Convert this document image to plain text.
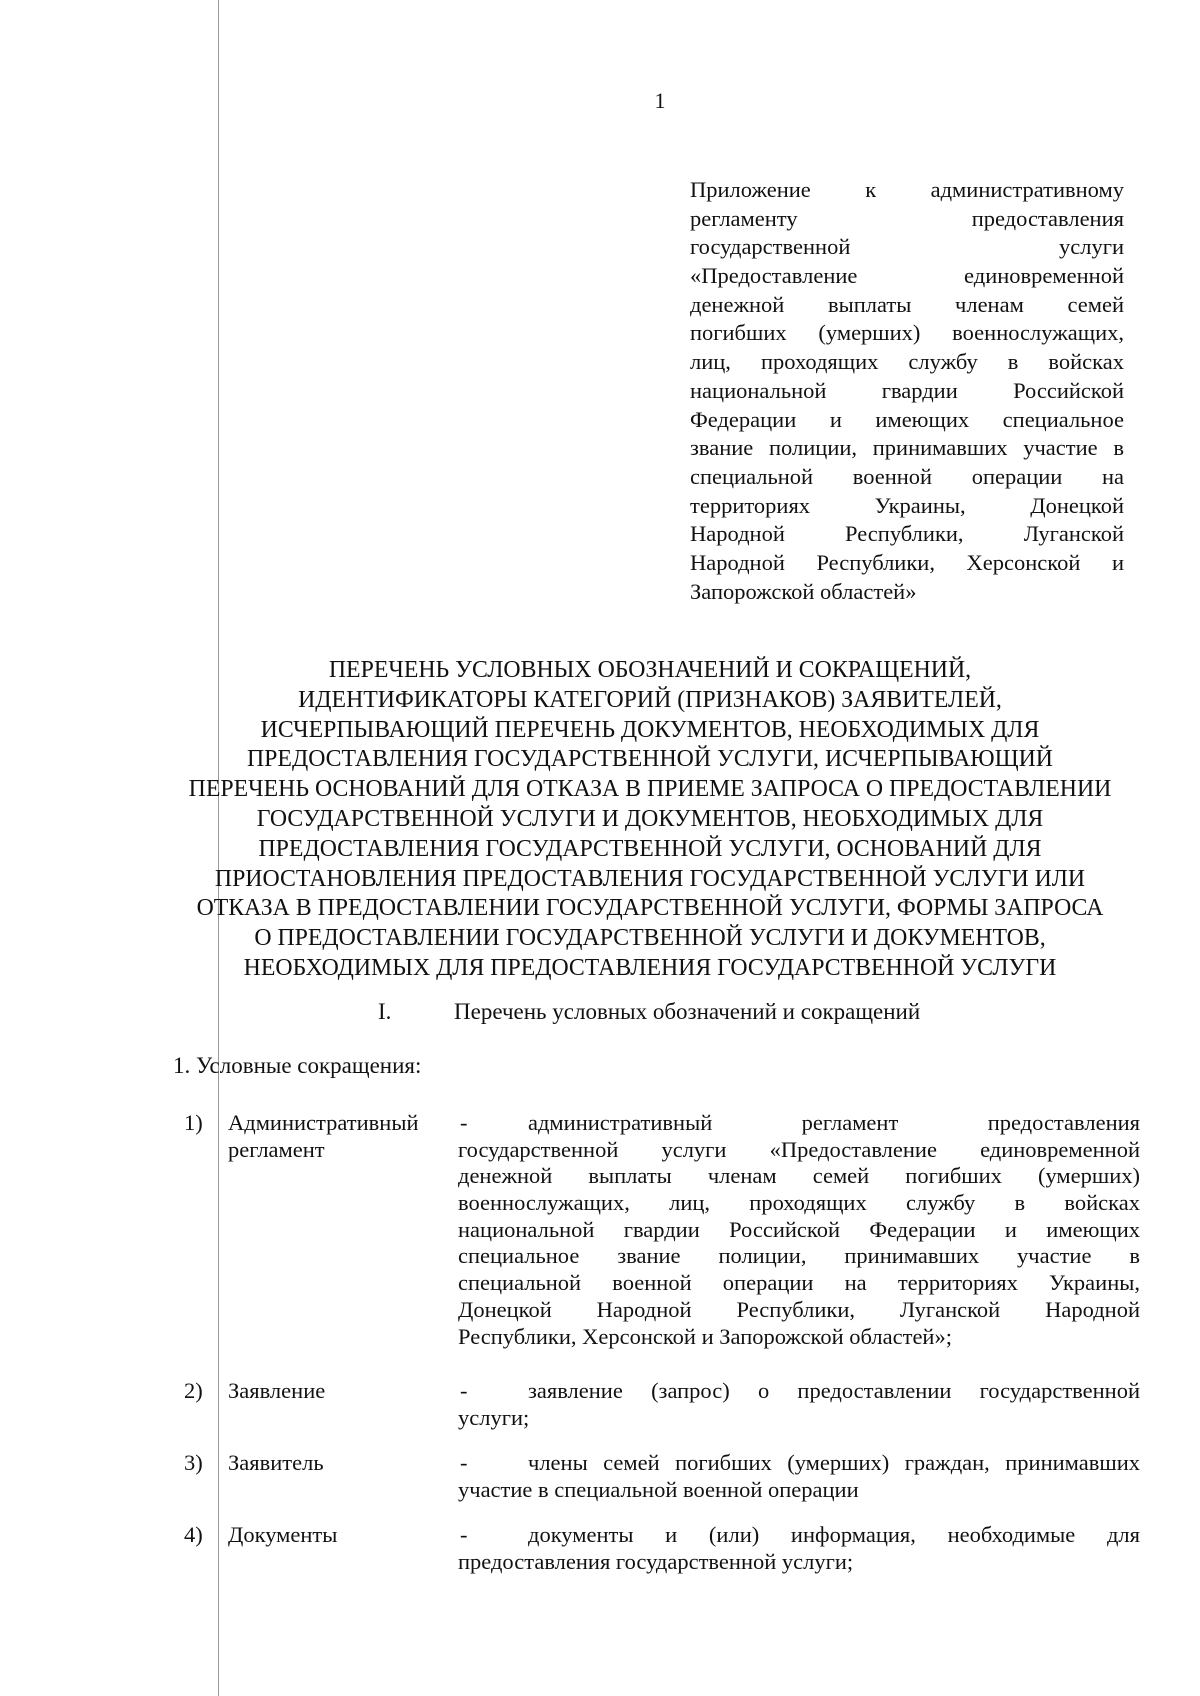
1
Приложение к административному
регламенту предоставления
государственной услуги
«Предоставление единовременной
денежной выплаты членам семей
погибших (умерших) военнослужащих,
лиц, проходящих службу в войсках
национальной гвардии Российской
Федерации и имеющих специальное
звание полиции, принимавших участие в
специальной военной операции на
территориях Украины, Донецкой
Народной Республики, Луганской
Народной Республики, Херсонской и
Запорожской областей»
ПЕРЕЧЕНЬ УСЛОВНЫХ ОБОЗНАЧЕНИЙ И СОКРАЩЕНИЙ,
ИДЕНТИФИКАТОРЫ КАТЕГОРИЙ (ПРИЗНАКОВ) ЗАЯВИТЕЛЕЙ,
ИСЧЕРПЫВАЮЩИЙ ПЕРЕЧЕНЬ ДОКУМЕНТОВ, НЕОБХОДИМЫХ ДЛЯ
ПРЕДОСТАВЛЕНИЯ ГОСУДАРСТВЕННОЙ УСЛУГИ, ИСЧЕРПЫВАЮЩИЙ
ПЕРЕЧЕНЬ ОСНОВАНИЙ ДЛЯ ОТКАЗА В ПРИЕМЕ ЗАПРОСА О ПРЕДОСТАВЛЕНИИ
ГОСУДАРСТВЕННОЙ УСЛУГИ И ДОКУМЕНТОВ, НЕОБХОДИМЫХ ДЛЯ
ПРЕДОСТАВЛЕНИЯ ГОСУДАРСТВЕННОЙ УСЛУГИ, ОСНОВАНИЙ ДЛЯ
ПРИОСТАНОВЛЕНИЯ ПРЕДОСТАВЛЕНИЯ ГОСУДАРСТВЕННОЙ УСЛУГИ ИЛИ
ОТКАЗА В ПРЕДОСТАВЛЕНИИ ГОСУДАРСТВЕННОЙ УСЛУГИ, ФОРМЫ ЗАПРОСА
О ПРЕДОСТАВЛЕНИИ ГОСУДАРСТВЕННОЙ УСЛУГИ И ДОКУМЕНТОВ,
НЕОБХОДИМЫХ ДЛЯ ПРЕДОСТАВЛЕНИЯ ГОСУДАРСТВЕННОЙ УСЛУГИ
I.	Перечень условных обозначений и сокращений
1. Условные сокращения:
1) Административный
регламент
-	административный регламент предоставления
государственной услуги «Предоставление единовременной
денежной выплаты членам семей погибших (умерших)
военнослужащих, лиц, проходящих службу в войсках
национальной гвардии Российской Федерации и имеющих
специальное звание полиции, принимавших участие в
специальной военной операции на территориях Украины,
Донецкой Народной Республики, Луганской Народной
Республики, Херсонской и Запорожской областей»;
2) Заявление	-	заявление (запрос) о предоставлении государственной
услуги;
3) Заявитель	-	члены семей погибших (умерших) граждан, принимавших
участие в специальной военной операции
4) Документы	-	документы и (или) информация, необходимые для
предоставления государственной услуги;
